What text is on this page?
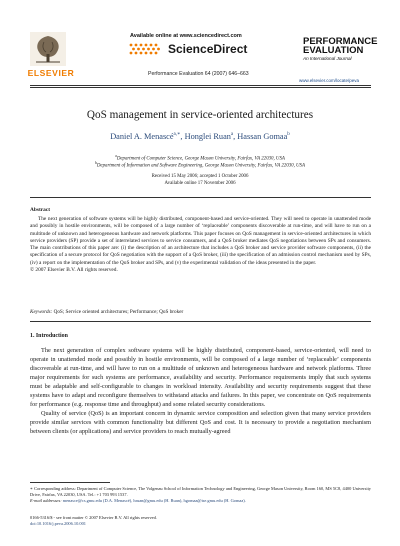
ELSEVIER
Available online at www.sciencedirect.com
ScienceDirect
Performance Evaluation 64 (2007) 646–663
PERFORMANCE
EVALUATION
An International Journal
www.elsevier.com/locate/peva
QoS management in service-oriented architectures
Daniel A. Menascé$^{a,∗}$, Honglei Ruan$^a$, Hassan Gomaa$^b$
$^a$Department of Computer Science, George Mason University, Fairfax, VA 22030, USA
$^b$Department of Information and Software Engineering, George Mason University, Fairfax, VA 22030, USA
Received 15 May 2006; accepted 1 October 2006
Available online 17 November 2006
Abstract

The next generation of software systems will be highly distributed, component-based and service-oriented. They will need to operate in unattended mode and possibly in hostile environments, will be composed of a large number of ‘replaceable’ components discoverable at run-time, and will have to run on a multitude of unknown and heterogeneous hardware and network platforms. This paper focuses on QoS management in service-oriented architectures in which service providers (SP) provide a set of interrelated services to service consumers, and a QoS broker mediates QoS negotiations between SPs and consumers. The main contributions of this paper are: (i) the description of an architecture that includes a QoS broker and service provider software components, (ii) the specification of a secure protocol for QoS negotiation with the support of a QoS broker, (iii) the specification of an admission control mechanism used by SPs, (iv) a report on the implementation of the QoS broker and SPs, and (v) the experimental validation of the ideas presented in the paper.

© 2007 Elsevier B.V. All rights reserved.

Keywords: QoS; Service oriented architectures; Performance; QoS broker
1. Introduction

The next generation of complex software systems will be highly distributed, component-based, service-oriented, will need to operate in unattended mode and possibly in hostile environments, will be composed of a large number of ‘replaceable’ components discoverable at run-time, and will have to run on a multitude of unknown and heterogeneous hardware and network platforms. Three major requirements for such systems are performance, availability and security. Performance requirements imply that such systems must be adaptable and self-configurable to changes in workload intensity. Availability and security requirements suggest that these systems have to adapt and reconfigure themselves to withstand attacks and failures. In this paper, we concentrate on QoS requirements for performance (e.g. response time and throughput) and some related security considerations.

Quality of service (QoS) is an important concern in dynamic service composition and selection given that many service providers provide similar services with common functionality but different QoS and cost. It is necessary to provide a negotiation mechanism between clients (or applications) and service providers to reach mutually-agreed

∗ Corresponding address: Department of Computer Science, The Volgenau School of Information Technology and Engineering, George Mason University, Room 160, MS 5C8, 4400 University Drive, Fairfax, VA 22030, USA. Tel.: +1 703 993 1537.
E-mail addresses: menasce@cs.gmu.edu (D.A. Menascé), hruan@gmu.edu (H. Ruan), hgomaa@ise.gmu.edu (H. Gomaa).
0166-5316/$ - see front matter © 2007 Elsevier B.V. All rights reserved.
doi:10.1016/j.peva.2006.10.001
